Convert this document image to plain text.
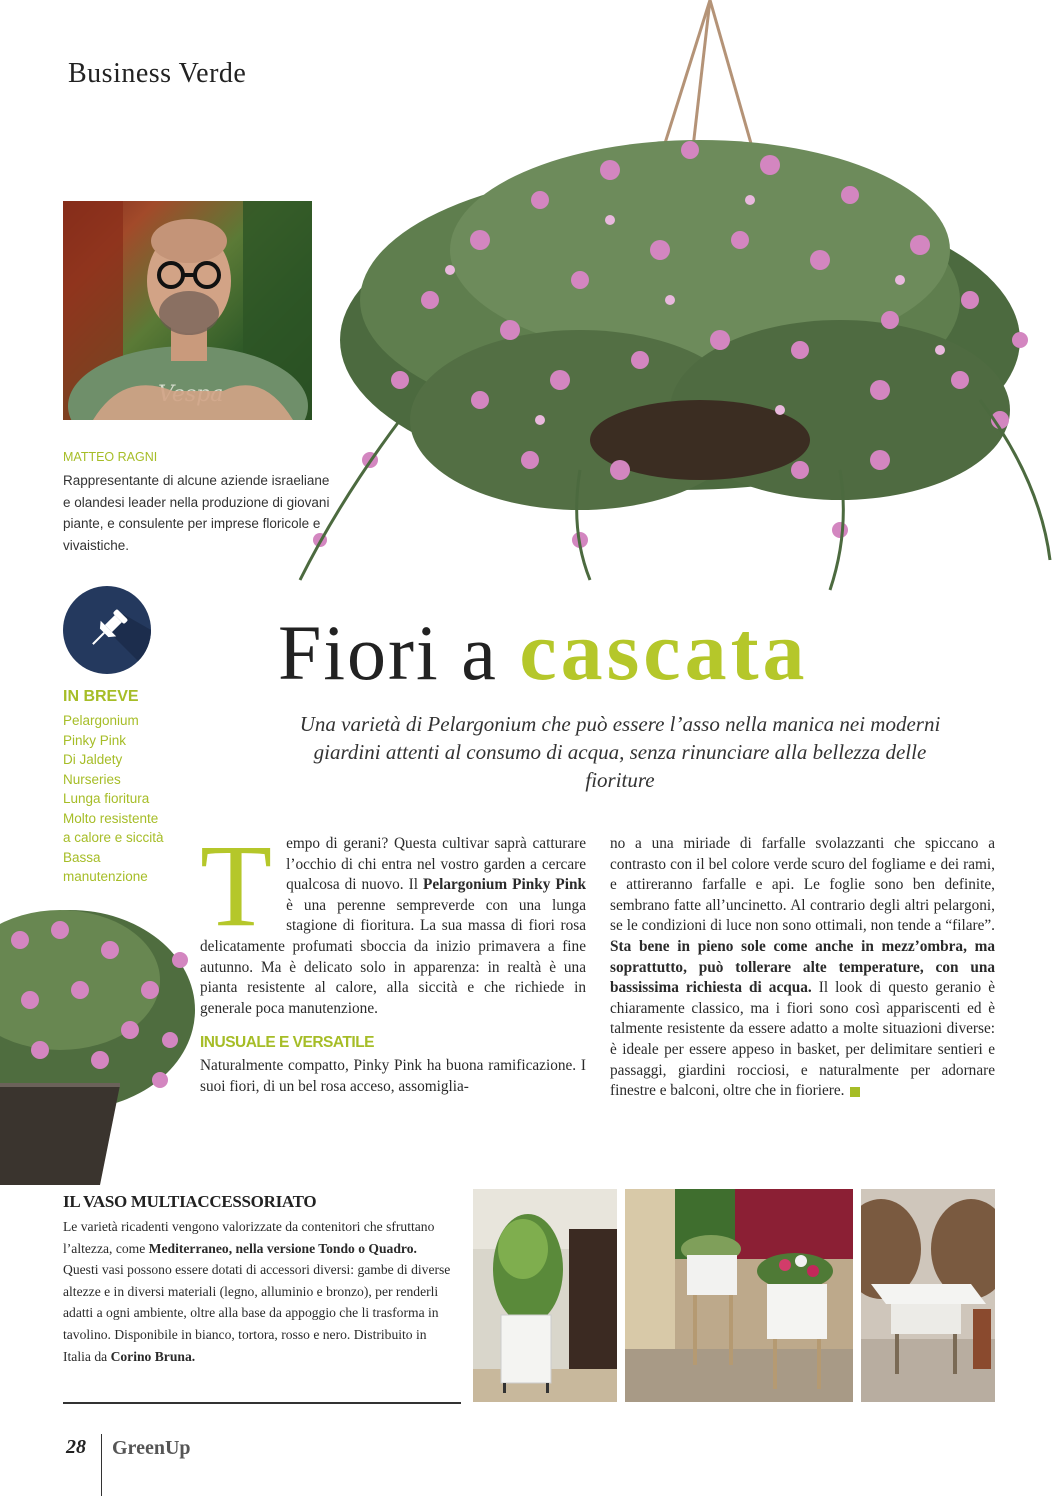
Business Verde
MATTEO RAGNI
Rappresentante di alcune aziende israeliane e olandesi leader nella produzione di giovani piante, e consulente per imprese floricole e vivaistiche.
IN BREVE
Pelargonium
Pinky Pink
Di Jaldety
Nurseries
Lunga fioritura
Molto resistente
a calore e siccità
Bassa
manutenzione
Fiori a cascata
Una varietà di Pelargonium che può essere l’asso nella manica nei moderni giardini attenti al consumo di acqua, senza rinunciare alla bellezza delle fioriture
Tempo di gerani? Questa cultivar saprà catturare l’occhio di chi entra nel vostro garden a cercare qualcosa di nuovo. Il Pelargonium Pinky Pink è una perenne sempreverde con una lunga stagione di fioritura. La sua massa di fiori rosa delicatamente profumati sboccia da inizio primavera a fine autunno. Ma è delicato solo in apparenza: in realtà è una pianta resistente al calore, alla siccità e che richiede in generale poca manutenzione.
INUSUALE E VERSATILE
Naturalmente compatto, Pinky Pink ha buona ramificazione. I suoi fiori, di un bel rosa acceso, assomiglia-
no a una miriade di farfalle svolazzanti che spiccano a contrasto con il bel colore verde scuro del fogliame e dei rami, e attireranno farfalle e api. Le foglie sono ben definite, sembrano fatte all’uncinetto. Al contrario degli altri pelargoni, se le condizioni di luce non sono ottimali, non tende a “filare”. Sta bene in pieno sole come anche in mezz’ombra, ma soprattutto, può tollerare alte temperature, con una bassissima richiesta di acqua. Il look di questo geranio è chiaramente classico, ma i fiori sono così appariscenti ed è talmente resistente da essere adatto a molte situazioni diverse: è ideale per essere appeso in basket, per delimitare sentieri e passaggi, giardini rocciosi, e naturalmente per adornare finestre e balconi, oltre che in fioriere.
IL VASO MULTIACCESSORIATO
Le varietà ricadenti vengono valorizzate da contenitori che sfruttano l’altezza, come Mediterraneo, nella versione Tondo o Quadro. Questi vasi possono essere dotati di accessori diversi: gambe di diverse altezze e in diversi materiali (legno, alluminio e bronzo), per renderli adatti a ogni ambiente, oltre alla base da appoggio che li trasforma in tavolino. Disponibile in bianco, tortora, rosso e nero. Distribuito in Italia da Corino Bruna.
28 GreenUp
